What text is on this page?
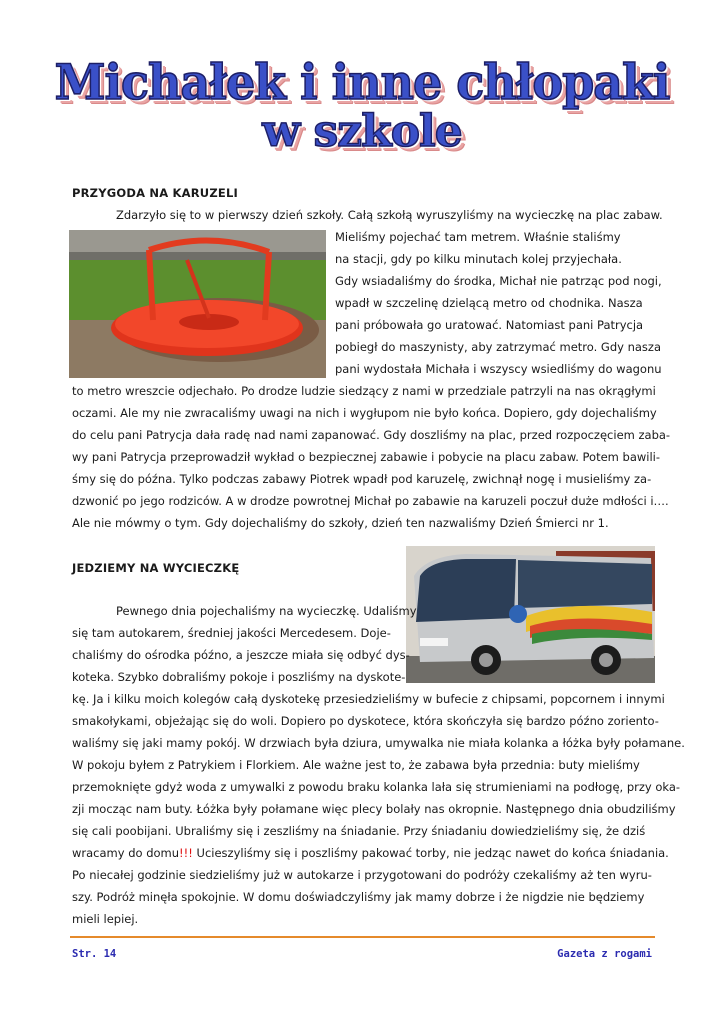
Michałek i inne chłopaki
w szkole
PRZYGODA NA KARUZELI
Zdarzyło się to w pierwszy dzień szkoły. Całą szkołą wyruszyliśmy na wycieczkę na plac zabaw.
Mieliśmy pojechać tam metrem. Właśnie staliśmy
na stacji, gdy po kilku minutach kolej przyjechała.
Gdy wsiadaliśmy do środka, Michał nie patrząc pod nogi,
wpadł w szczelinę dzielącą metro od chodnika. Nasza
pani próbowała go uratować. Natomiast pani Patrycja
pobiegł do maszynisty, aby zatrzymać metro. Gdy nasza
pani wydostała Michała i wszyscy wsiedliśmy do wagonu
to metro wreszcie odjechało. Po drodze ludzie siedzący z nami w przedziale patrzyli na nas okrągłymi
oczami. Ale my nie zwracaliśmy uwagi na nich i wygłupom nie było końca. Dopiero, gdy dojechaliśmy
do celu pani Patrycja dała radę nad nami zapanować. Gdy doszliśmy na plac, przed rozpoczęciem zaba-
wy pani Patrycja przeprowadził wykład o bezpiecznej zabawie i pobycie na placu zabaw. Potem bawili-
śmy się do późna. Tylko podczas zabawy Piotrek wpadł pod karuzelę, zwichnął nogę i musieliśmy za-
dzwonić po jego rodziców. A w drodze powrotnej Michał po zabawie na karuzeli poczuł duże mdłości i….
Ale nie mówmy o tym. Gdy dojechaliśmy do szkoły, dzień ten nazwaliśmy Dzień Śmierci nr 1.
JEDZIEMY NA WYCIECZKĘ
Pewnego dnia pojechaliśmy na wycieczkę. Udaliśmy
się tam autokarem, średniej jakości Mercedesem. Doje-
chaliśmy do ośrodka późno, a jeszcze miała się odbyć dys-
koteka. Szybko dobraliśmy pokoje i poszliśmy na dyskote-
kę. Ja i kilku moich kolegów całą dyskotekę przesiedzieliśmy w bufecie z chipsami, popcornem i innymi
smakołykami, objeżając się do woli. Dopiero po dyskotece, która skończyła się bardzo późno zoriento-
waliśmy się jaki mamy pokój. W drzwiach była dziura, umywalka nie miała kolanka a łóżka były połamane.
W pokoju byłem z Patrykiem i Florkiem. Ale ważne jest to, że zabawa była przednia: buty mieliśmy
przemoknięte gdyż woda z umywalki z powodu braku kolanka lała się strumieniami na podłogę, przy oka-
zji mocząc nam buty. Łóżka były połamane więc plecy bolały nas okropnie. Następnego dnia obudziliśmy
się cali poobijani. Ubraliśmy się i zeszliśmy na śniadanie. Przy śniadaniu dowiedzieliśmy się, że dziś
wracamy do domu!!! Ucieszyliśmy się i poszliśmy pakować torby, nie jedząc nawet do końca śniadania.
Po niecałej godzinie siedzieliśmy już w autokarze i przygotowani do podróży czekaliśmy aż ten wyru-
szy. Podróż minęła spokojnie. W domu doświadczyliśmy jak mamy dobrze i że nigdzie nie będziemy
mieli lepiej.
Str. 14	Gazeta z rogami
